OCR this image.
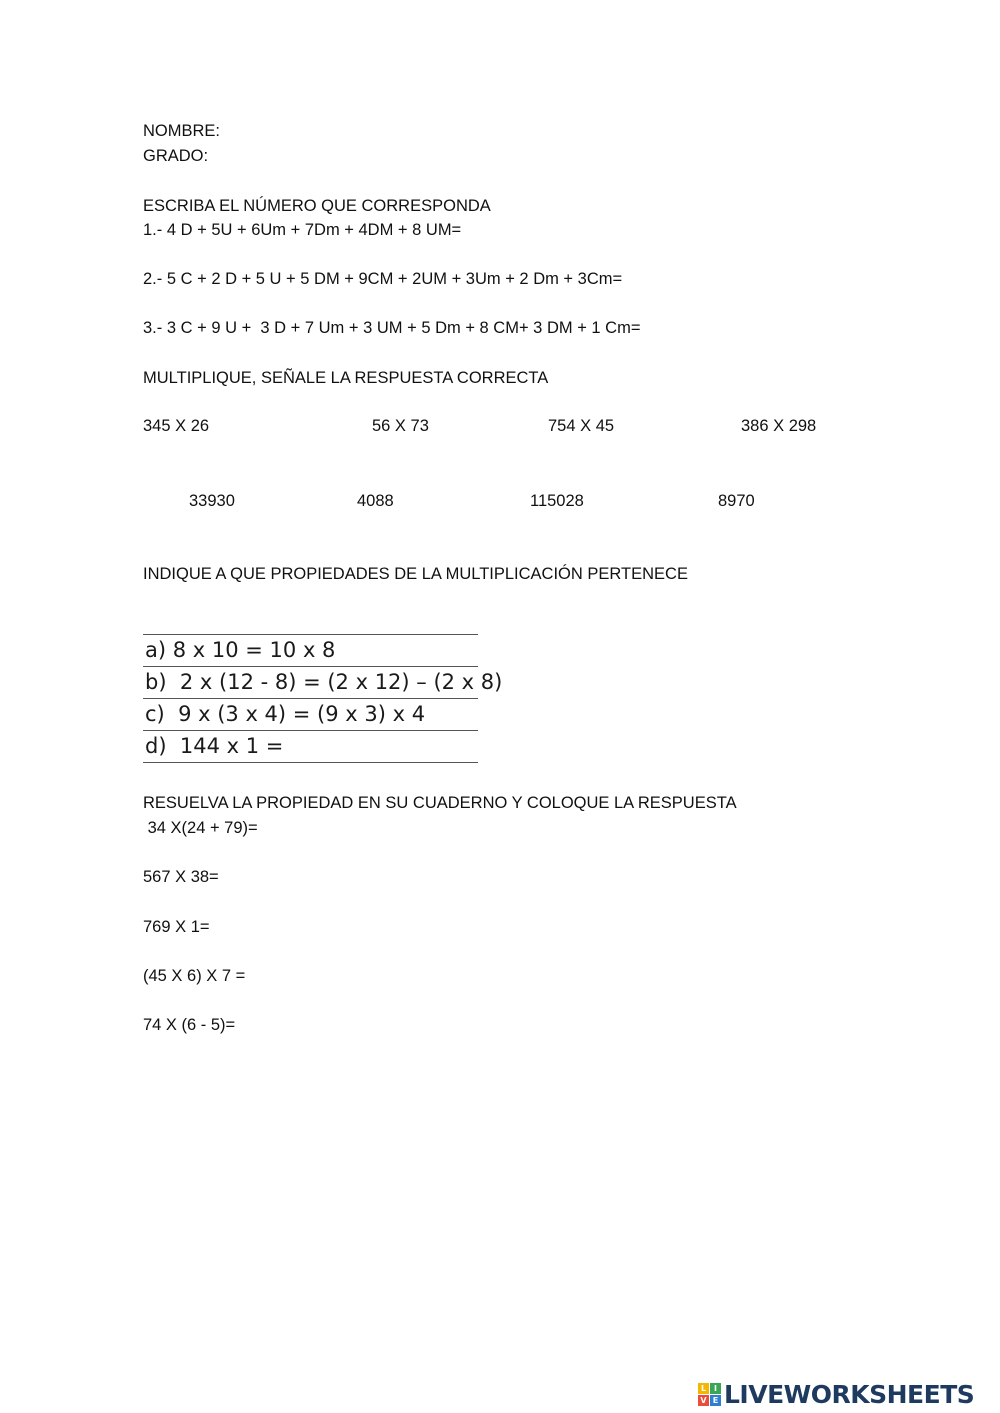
NOMBRE:
GRADO:
ESCRIBA EL NÚMERO QUE CORRESPONDA
1.- 4 D + 5U + 6Um + 7Dm + 4DM + 8 UM=
2.- 5 C + 2 D + 5 U + 5 DM + 9CM + 2UM + 3Um + 2 Dm + 3Cm=
3.- 3 C + 9 U +  3 D + 7 Um + 3 UM + 5 Dm + 8 CM+ 3 DM + 1 Cm=
MULTIPLIQUE, SEÑALE LA RESPUESTA CORRECTA
345 X 26	56 X 73	754 X 45	386 X 298
33930	4088	115028	8970
INDIQUE A QUE PROPIEDADES DE LA MULTIPLICACIÓN PERTENECE
a) 8 x 10 = 10 x 8
b)  2 x (12 - 8) = (2 x 12) – (2 x 8)
c)  9 x (3 x 4) = (9 x 3) x 4
d)  144 x 1 =
RESUELVA LA PROPIEDAD EN SU CUADERNO Y COLOQUE LA RESPUESTA
34 X(24 + 79)=
567 X 38=
769 X 1=
(45 X 6) X 7 =
74 X (6 - 5)=
L I
V E LIVEWORKSHEETS
